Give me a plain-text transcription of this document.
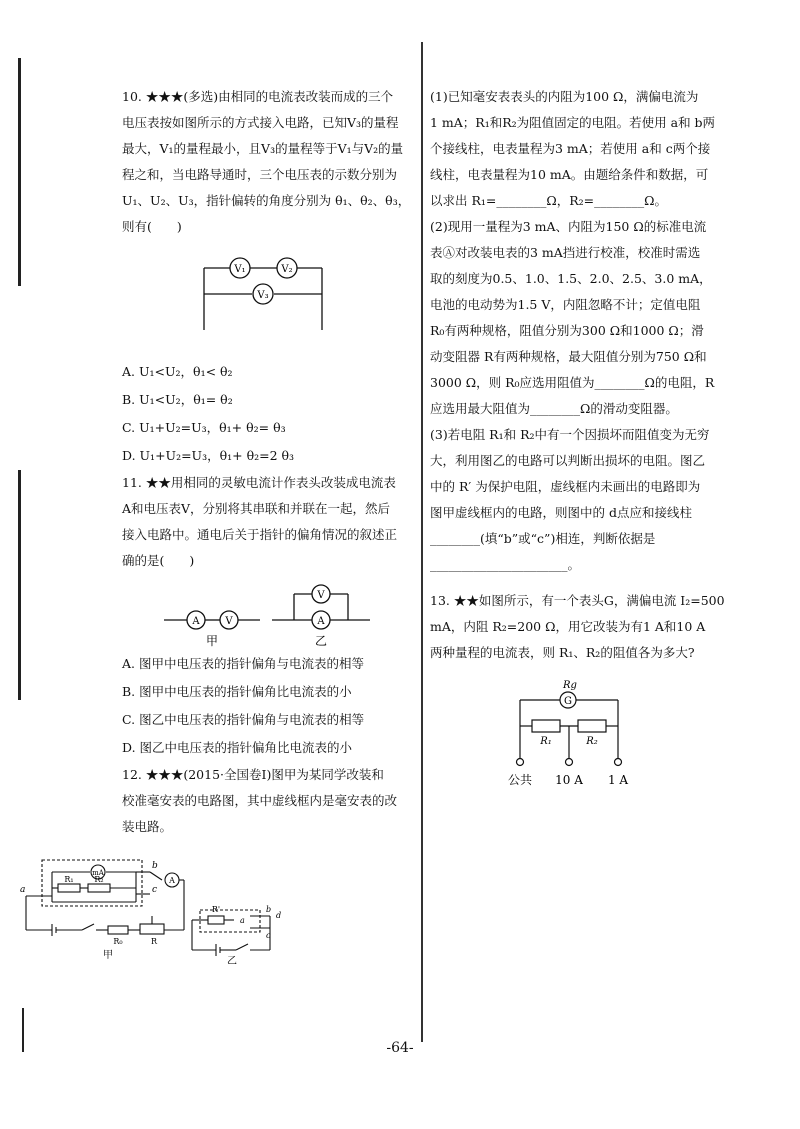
10. ★★★(多选)由相同的电流表改装而成的三个
电压表按如图所示的方式接入电路，已知V₃的量程
最大，V₁的量程最小，且V₃的量程等于V₁与V₂的量
程之和，当电路导通时，三个电压表的示数分别为
U₁、U₂、U₃，指针偏转的角度分别为 θ₁、θ₂、θ₃，
则有(　　)
V₁	V₂
V₃
A. U₁<U₂，θ₁< θ₂
B. U₁<U₂，θ₁= θ₂
C. U₁+U₂=U₃，θ₁+ θ₂= θ₃
D. U₁+U₂=U₃，θ₁+ θ₂=2 θ₃
11. ★★用相同的灵敏电流计作表头改装成电流表
A和电压表V，分别将其串联和并联在一起，然后
接入电路中。通电后关于指针的偏角情况的叙述正
确的是(　　)
A	V
V
A
甲	乙
A. 图甲中电压表的指针偏角与电流表的相等
B. 图甲中电压表的指针偏角比电流表的小
C. 图乙中电压表的指针偏角与电流表的相等
D. 图乙中电压表的指针偏角比电流表的小
12. ★★★(2015·全国卷Ⅰ)图甲为某同学改装和
校准毫安表的电路图，其中虚线框内是毫安表的改
装电路。
a
b
c
mA
A
R₁	R₂
R₀	R
甲
R'
a
b
c
d
乙
(1)已知毫安表表头的内阻为100 Ω，满偏电流为
1 mA；R₁和R₂为阻值固定的电阻。若使用 a和 b两
个接线柱，电表量程为3 mA；若使用 a和 c两个接
线柱，电表量程为10 mA。由题给条件和数据，可
以求出 R₁=________Ω，R₂=________Ω。
(2)现用一量程为3 mA、内阻为150 Ω的标准电流
表Ⓐ对改装电表的3 mA挡进行校准，校准时需选
取的刻度为0.5、1.0、1.5、2.0、2.5、3.0 mA，
电池的电动势为1.5 V，内阻忽略不计；定值电阻
R₀有两种规格，阻值分别为300 Ω和1000 Ω；滑
动变阻器 R有两种规格，最大阻值分别为750 Ω和
3000 Ω，则 R₀应选用阻值为________Ω的电阻，R
应选用最大阻值为________Ω的滑动变阻器。
(3)若电阻 R₁和 R₂中有一个因损坏而阻值变为无穷
大，利用图乙的电路可以判断出损坏的电阻。图乙
中的 R′ 为保护电阻，虚线框内未画出的电路即为
图甲虚线框内的电路，则图中的 d点应和接线柱
________(填“b”或“c”)相连，判断依据是
______________________。
13. ★★如图所示，有一个表头G，满偏电流 I₂=500
mA，内阻 R₂=200 Ω，用它改装为有1 A和10 A
两种量程的电流表，则 R₁、R₂的阻值各为多大?
G
Rg
R₁	R₂
公共 10 A 1 A
-64-
